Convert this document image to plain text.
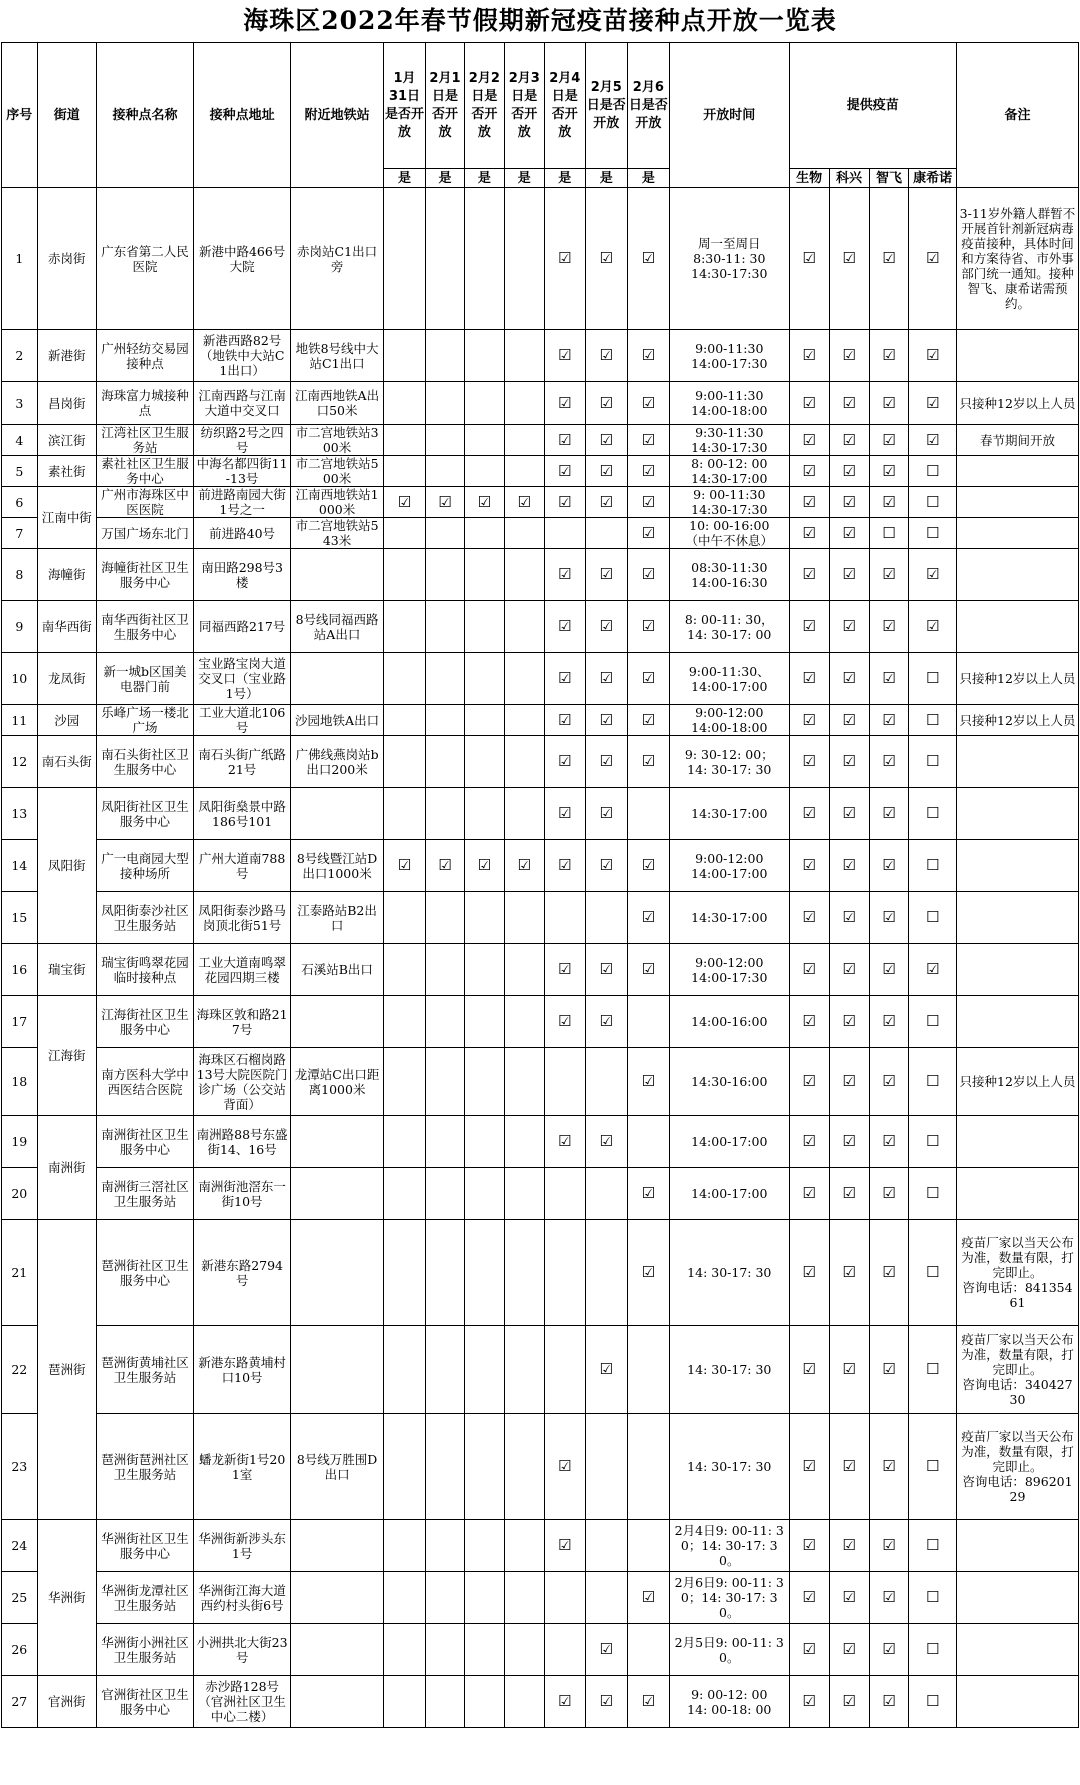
海珠区2022年春节假期新冠疫苗接种点开放一览表
序号	街道	接种点名称	接种点地址	附近地铁站	1月31日是否开放	2月1日是否开放	2月2日是否开放	2月3日是否开放	2月4日是否开放	2月5日是否开放	2月6日是否开放	开放时间	提供疫苗				备注
					是	是	是	是	是	是	是		生物	科兴	智飞	康希诺	
1	赤岗街	广东省第二人民医院	新港中路466号大院	赤岗站C1出口旁					☑	☑	☑	周一至周日
8:30-11: 30
14:30-17:30	☑	☑	☑	☑	3-11岁外籍人群暂不开展首针剂新冠病毒疫苗接种，具体时间和方案待省、市外事部门统一通知。接种智飞、康希诺需预约。

2	新港街	广州轻纺交易园接种点	新港西路82号（地铁中大站C1出口）	地铁8号线中大站C1出口					☑	☑	☑	9:00-11:30
14:00-17:30	☑	☑	☑	☑	
3	昌岗街	海珠富力城接种点	江南西路与江南大道中交叉口	江南西地铁A出口50米					☑	☑	☑	9:00-11:30
14:00-18:00	☑	☑	☑	☑	只接种12岁以上人员

4	滨江街	江湾社区卫生服务站	纺织路2号之四号	市二宫地铁站300米					☑	☑	☑	9:30-11:30
14:30-17:30	☑	☑	☑	☑	春节期间开放

5	素社街	素社社区卫生服务中心	中海名都四街11-13号	市二宫地铁站500米					☑	☑	☑	8: 00-12: 00
14:30-17:00	☑	☑	☑	☐	
6	江南中街	广州市海珠区中医医院	前进路南园大街1号之一	江南西地铁站1000米	☑	☑	☑	☑	☑	☑	☑	9: 00-11:30
14:30-17:30	☑	☑	☑	☐	
7		万国广场东北门	前进路40号	市二宫地铁站543米							☑	10: 00-16:00
（中午不休息）	☑	☑	☐	☐	
8	海幢街	海幢街社区卫生服务中心	南田路298号3楼						☑	☑	☑	08:30-11:30
14:00-16:30	☑	☑	☑	☑	
9	南华西街	南华西街社区卫生服务中心	同福西路217号	8号线同福西路站A出口					☑	☑	☑	8: 00-11: 30，
14: 30-17: 00	☑	☑	☑	☑	
10	龙凤街	新一城b区国美电器门前	宝业路宝岗大道交叉口（宝业路1号）						☑	☑	☑	9:00-11:30、
14:00-17:00	☑	☑	☑	☐	只接种12岁以上人员

11	沙园	乐峰广场一楼北广场	工业大道北106号	沙园地铁A出口					☑	☑	☑	9:00-12:00
14:00-18:00	☑	☑	☑	☐	只接种12岁以上人员

12	南石头街	南石头街社区卫生服务中心	南石头街广纸路21号	广佛线燕岗站b出口200米					☑	☑	☑	9: 30-12: 00；
14: 30-17: 30	☑	☑	☑	☐	
13	凤阳街	凤阳街社区卫生服务中心	凤阳街燊景中路186号101						☑	☑		14:30-17:00	☑	☑	☑	☐	
14		广一电商园大型接种场所	广州大道南788号	8号线暨江站D出口1000米	☑	☑	☑	☑	☑	☑	☑	9:00-12:00
14:00-17:00	☑	☑	☑	☐	
15		凤阳街泰沙社区卫生服务站	凤阳街泰沙路马岗顶北街51号	江泰路站B2出口							☑	14:30-17:00	☑	☑	☑	☐	
16	瑞宝街	瑞宝街鸣翠花园临时接种点	工业大道南鸣翠花园四期三楼	石溪站B出口					☑	☑	☑	9:00-12:00
14:00-17:30	☑	☑	☑	☑	
17	江海街	江海街社区卫生服务中心	海珠区敦和路217号						☑	☑		14:00-16:00	☑	☑	☑	☐	
18		南方医科大学中西医结合医院	海珠区石榴岗路13号大院医院门诊广场（公交站背面）	龙潭站C出口距离1000米							☑	14:30-16:00	☑	☑	☑	☐	只接种12岁以上人员

19	南洲街	南洲街社区卫生服务中心	南洲路88号东盛街14、16号						☑	☑		14:00-17:00	☑	☑	☑	☐	
20		南洲街三滘社区卫生服务站	南洲街池滘东一街10号								☑	14:00-17:00	☑	☑	☑	☐	
21	琶洲街	琶洲街社区卫生服务中心	新港东路2794号								☑	14: 30-17: 30	☑	☑	☑	☐	疫苗厂家以当天公布为准，数量有限，打完即止。
咨询电话：84135461

22		琶洲街黄埔社区卫生服务站	新港东路黄埔村口10号							☑		14: 30-17: 30	☑	☑	☑	☐	疫苗厂家以当天公布为准，数量有限，打完即止。
咨询电话：34042730

23		琶洲街琶洲社区卫生服务站	蟠龙新街1号201室	8号线万胜围D出口					☑			14: 30-17: 30	☑	☑	☑	☐	疫苗厂家以当天公布为准，数量有限，打完即止。
咨询电话：89620129

24	华洲街	华洲街社区卫生服务中心	华洲街新涉头东1号						☑			2月4日9: 00-11: 30；14: 30-17: 30。	☑	☑	☑	☐	
25		华洲街龙潭社区卫生服务站	华洲街江海大道西约村头街6号								☑	2月6日9: 00-11: 30；14: 30-17: 30。	☑	☑	☑	☐	
26		华洲街小洲社区卫生服务站	小洲拱北大街23号							☑		2月5日9: 00-11: 30。	☑	☑	☑	☐	
27	官洲街	官洲街社区卫生服务中心	赤沙路128号（官洲社区卫生中心二楼）						☑	☑	☑	9: 00-12: 00
14: 00-18: 00	☑	☑	☑	☐	
